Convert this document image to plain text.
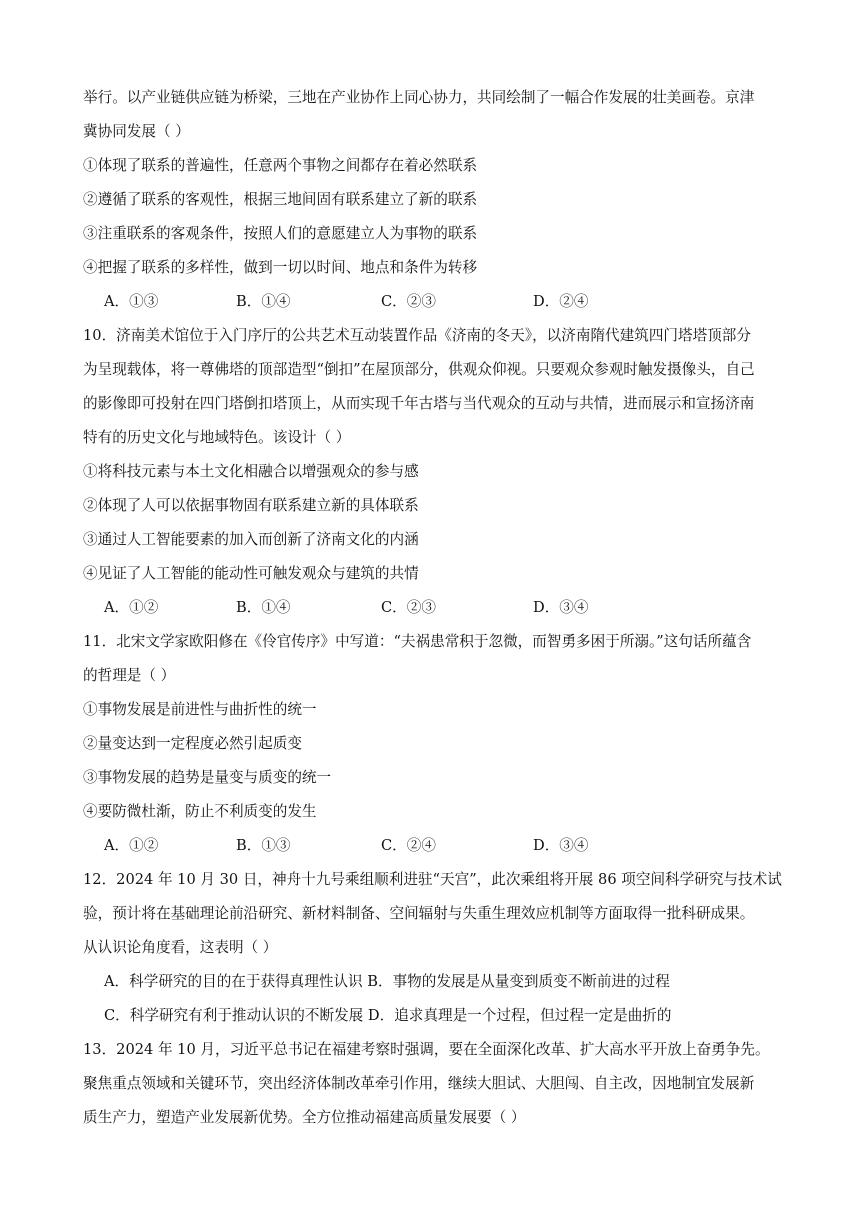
举行。以产业链供应链为桥梁，三地在产业协作上同心协力，共同绘制了一幅合作发展的壮美画卷。京津
冀协同发展（ ）
①体现了联系的普遍性，任意两个事物之间都存在着必然联系
②遵循了联系的客观性，根据三地间固有联系建立了新的联系
③注重联系的客观条件，按照人们的意愿建立人为事物的联系
④把握了联系的多样性，做到一切以时间、地点和条件为转移
A．①③	B．①④	C．②③	D．②④
10．济南美术馆位于入门序厅的公共艺术互动装置作品《济南的冬天》，以济南隋代建筑四门塔塔顶部分
为呈现载体，将一尊佛塔的顶部造型“倒扣”在屋顶部分，供观众仰视。只要观众参观时触发摄像头，自己
的影像即可投射在四门塔倒扣塔顶上，从而实现千年古塔与当代观众的互动与共情，进而展示和宣扬济南
特有的历史文化与地域特色。该设计（ ）
①将科技元素与本土文化相融合以增强观众的参与感
②体现了人可以依据事物固有联系建立新的具体联系
③通过人工智能要素的加入而创新了济南文化的内涵
④见证了人工智能的能动性可触发观众与建筑的共情
A．①②	B．①④	C．②③	D．③④
11．北宋文学家欧阳修在《伶官传序》中写道：“夫祸患常积于忽微，而智勇多困于所溺。”这句话所蕴含
的哲理是（ ）
①事物发展是前进性与曲折性的统一
②量变达到一定程度必然引起质变
③事物发展的趋势是量变与质变的统一
④要防微杜渐，防止不利质变的发生
A．①②	B．①③	C．②④	D．③④
12．2024 年 10 月 30 日，神舟十九号乘组顺利进驻“天宫”，此次乘组将开展 86 项空间科学研究与技术试
验，预计将在基础理论前沿研究、新材料制备、空间辐射与失重生理效应机制等方面取得一批科研成果。
从认识论角度看，这表明（ ）
A．科学研究的目的在于获得真理性认识 B．事物的发展是从量变到质变不断前进的过程
C．科学研究有利于推动认识的不断发展 D．追求真理是一个过程，但过程一定是曲折的
13．2024 年 10 月，习近平总书记在福建考察时强调，要在全面深化改革、扩大高水平开放上奋勇争先。
聚焦重点领域和关键环节，突出经济体制改革牵引作用，继续大胆试、大胆闯、自主改，因地制宜发展新
质生产力，塑造产业发展新优势。全方位推动福建高质量发展要（ ）
